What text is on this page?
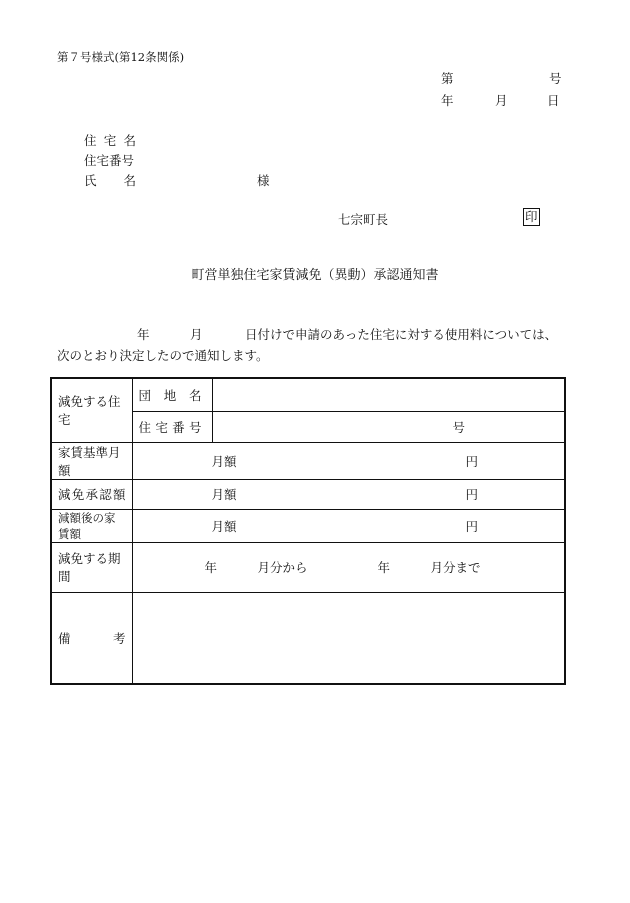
第７号様式(第12条関係)
第	号
年	月	日
住 宅 名
住宅番号
氏 名	様
七宗町長	印
町営単独住宅家賃減免（異動）承認通知書
年	月	日付けで申請のあった住宅に対する使用料については、
次のとおり決定したので通知します。
減免する住宅	団 地 名	

	住 宅 番 号	号

家賃基準月額	月額 円	

減 免 承 認 額	月額 円	

減額後の家賃額	月額 円	

減免する期間	年 月分から 年 月分まで	

備 考		
